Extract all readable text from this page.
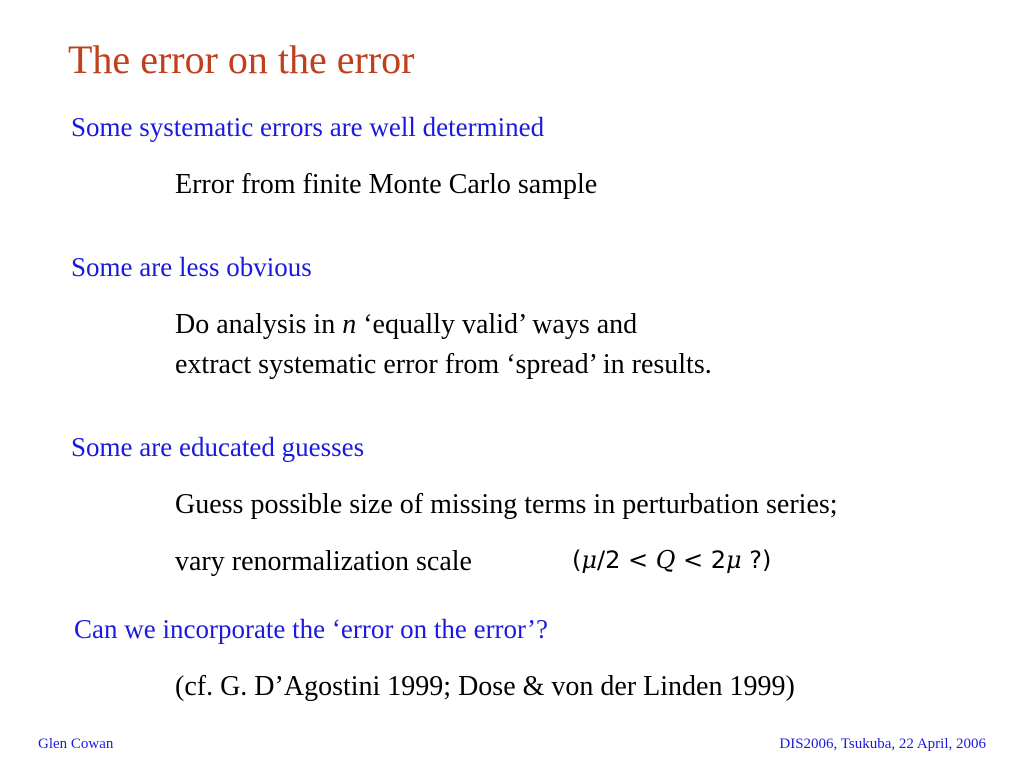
The error on the error
Some systematic errors are well determined
Error from finite Monte Carlo sample
Some are less obvious
Do analysis in n ‘equally valid’ ways and
extract systematic error from ‘spread’ in results.
Some are educated guesses
Guess possible size of missing terms in perturbation series;
vary renormalization scale	(μ/2 < Q < 2μ ?)
Can we incorporate the ‘error on the error’?
(cf. G. D’Agostini 1999; Dose & von der Linden 1999)
Glen Cowan	DIS2006, Tsukuba, 22 April, 2006
